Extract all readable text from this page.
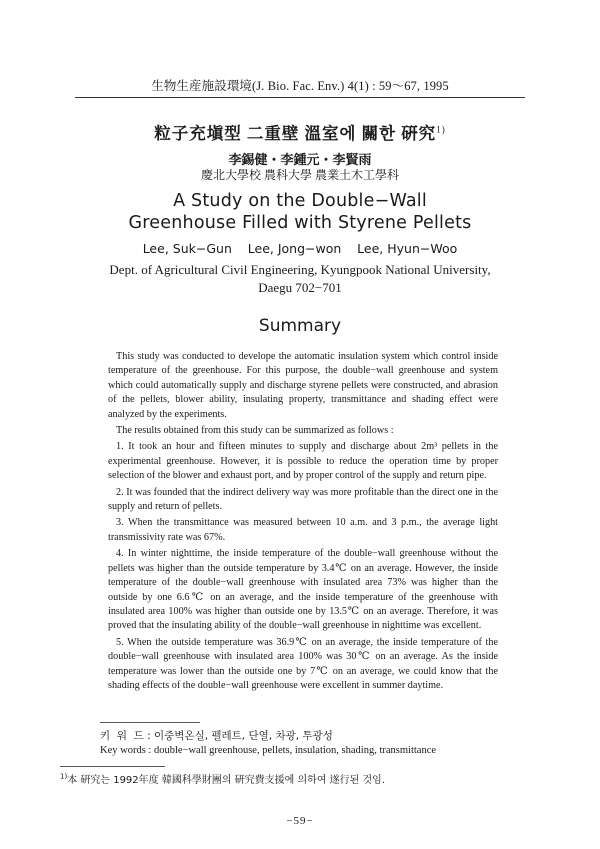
生物生産施設環境(J. Bio. Fac. Env.) 4(1) : 59～67, 1995
粒子充塡型 二重壁 溫室에 關한 硏究$^{1)}$
李錫健・李鍾元・李賢雨
慶北大學校 農科大學 農業土木工學科
A Study on the Double−Wall
Greenhouse Filled with Styrene Pellets
Lee, Suk−Gun    Lee, Jong−won    Lee, Hyun−Woo
Dept. of Agricultural Civil Engineering, Kyungpook National University,
Daegu 702−701
Summary

This study was conducted to develope the automatic insulation system which control inside temperature of the greenhouse. For this purpose, the double−wall greenhouse and system which could automatically supply and discharge styrene pellets were constructed, and abrasion of the pellets, blower ability, insulating property, transmittance and shading effect were analyzed by the experiments.

The results obtained from this study can be summarized as follows :

1. It took an hour and fifteen minutes to supply and discharge about 2m³ pellets in the experimental greenhouse. However, it is possible to reduce the operation time by proper selection of the blower and exhaust port, and by proper control of the supply and return pipe.

2. It was founded that the indirect delivery way was more profitable than the direct one in the supply and return of pellets.

3. When the transmittance was measured between 10 a.m. and 3 p.m., the average light transmissivity rate was 67%.

4. In winter nighttime, the inside temperature of the double−wall greenhouse without the pellets was higher than the outside temperature by 3.4℃ on an average. However, the inside temperature of the double−wall greenhouse with insulated area 73% was higher than the outside by one 6.6℃ on an average, and the inside temperature of the greenhouse with insulated area 100% was higher than outside one by 13.5℃ on an average. Therefore, it was proved that the insulating ability of the double−wall greenhouse in nighttime was excellent.

5. When the outside temperature was 36.9℃ on an average, the inside temperature of the double−wall greenhouse with insulated area 100% was 30℃ on an average. As the inside temperature was lower than the outside one by 7℃ on an average, we could know that the shading effects of the double−wall greenhouse were excellent in summer daytime.

키  워  드 : 이중벽온실, 펠레트, 단열, 차광, 투광성
Key words : double−wall greenhouse, pellets, insulation, shading, transmittance
$^{1)}$本 硏究는 1992年度 韓國科學財團의 硏究費支援에 의하여 遂行된 것임.
−59−
